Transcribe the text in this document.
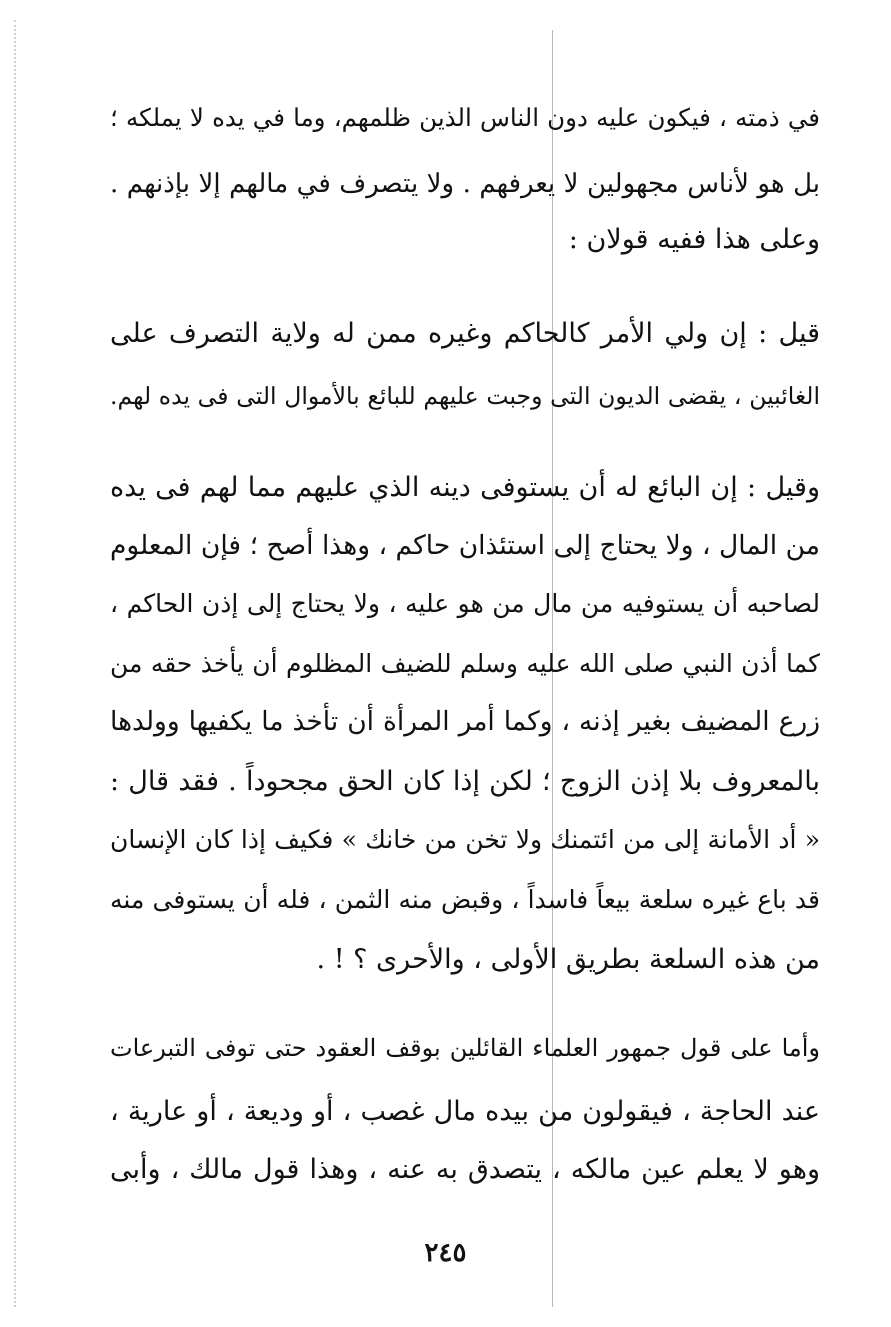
في ذمته ، فيكون عليه دون الناس الذين ظلمهم، وما في يده لا يملكه ؛
بل هو لأناس مجهولين لا يعرفهم . ولا يتصرف في مالهم إلا بإذنهم .
وعلى هذا ففيه قولان :
قيل : إن ولي الأمر كالحاكم وغيره ممن له ولاية التصرف على
الغائبين ، يقضى الديون التى وجبت عليهم للبائع بالأموال التى فى يده لهم.
وقيل : إن البائع له أن يستوفى دينه الذي عليهم مما لهم فى يده
من المال ، ولا يحتاج إلى استئذان حاكم ، وهذا أصح ؛ فإن المعلوم
لصاحبه أن يستوفيه من مال من هو عليه ، ولا يحتاج إلى إذن الحاكم ،
كما أذن النبي صلى الله عليه وسلم للضيف المظلوم أن يأخذ حقه من
زرع المضيف بغير إذنه ، وكما أمر المرأة أن تأخذ ما يكفيها وولدها
بالمعروف بلا إذن الزوج ؛ لكن إذا كان الحق مجحوداً . فقد قال :
« أد الأمانة إلى من ائتمنك ولا تخن من خانك » فكيف إذا كان الإنسان
قد باع غيره سلعة بيعاً فاسداً ، وقبض منه الثمن ، فله أن يستوفى منه
من هذه السلعة بطريق الأولى ، والأحرى ؟ ! .
وأما على قول جمهور العلماء القائلين بوقف العقود حتى توفى التبرعات
عند الحاجة ، فيقولون من بيده مال غصب ، أو وديعة ، أو عارية ،
وهو لا يعلم عين مالكه ، يتصدق به عنه ، وهذا قول مالك ، وأبى
٢٤٥
